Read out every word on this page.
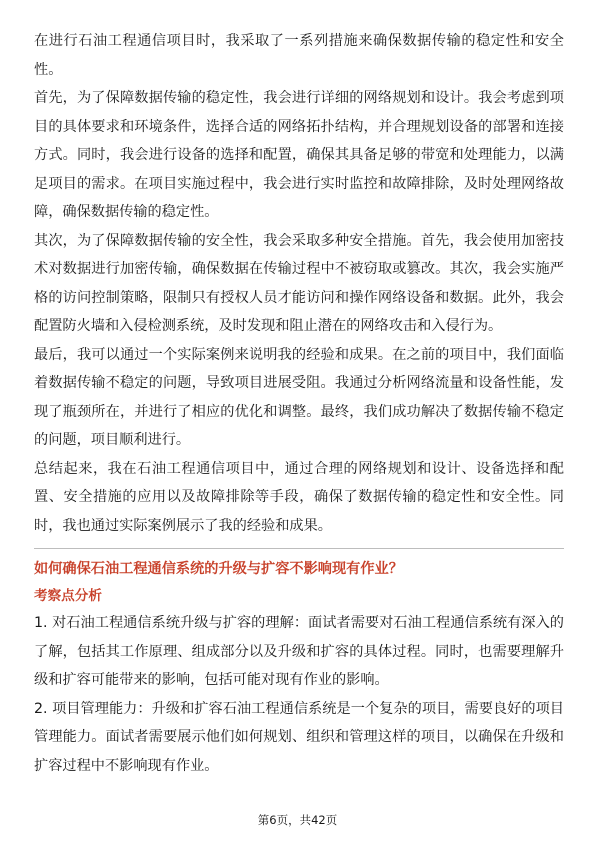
在进行石油工程通信项目时，我采取了一系列措施来确保数据传输的稳定性和安全性。

首先，为了保障数据传输的稳定性，我会进行详细的网络规划和设计。我会考虑到项目的具体要求和环境条件，选择合适的网络拓扑结构，并合理规划设备的部署和连接方式。同时，我会进行设备的选择和配置，确保其具备足够的带宽和处理能力，以满足项目的需求。在项目实施过程中，我会进行实时监控和故障排除，及时处理网络故障，确保数据传输的稳定性。

其次，为了保障数据传输的安全性，我会采取多种安全措施。首先，我会使用加密技术对数据进行加密传输，确保数据在传输过程中不被窃取或篡改。其次，我会实施严格的访问控制策略，限制只有授权人员才能访问和操作网络设备和数据。此外，我会配置防火墙和入侵检测系统，及时发现和阻止潜在的网络攻击和入侵行为。

最后，我可以通过一个实际案例来说明我的经验和成果。在之前的项目中，我们面临着数据传输不稳定的问题，导致项目进展受阻。我通过分析网络流量和设备性能，发现了瓶颈所在，并进行了相应的优化和调整。最终，我们成功解决了数据传输不稳定的问题，项目顺利进行。

总结起来，我在石油工程通信项目中，通过合理的网络规划和设计、设备选择和配置、安全措施的应用以及故障排除等手段，确保了数据传输的稳定性和安全性。同时，我也通过实际案例展示了我的经验和成果。

如何确保石油工程通信系统的升级与扩容不影响现有作业？

考察点分析

1. 对石油工程通信系统升级与扩容的理解：面试者需要对石油工程通信系统有深入的了解，包括其工作原理、组成部分以及升级和扩容的具体过程。同时，也需要理解升级和扩容可能带来的影响，包括可能对现有作业的影响。

2. 项目管理能力：升级和扩容石油工程通信系统是一个复杂的项目，需要良好的项目管理能力。面试者需要展示他们如何规划、组织和管理这样的项目，以确保在升级和扩容过程中不影响现有作业。

第6页，共42页
